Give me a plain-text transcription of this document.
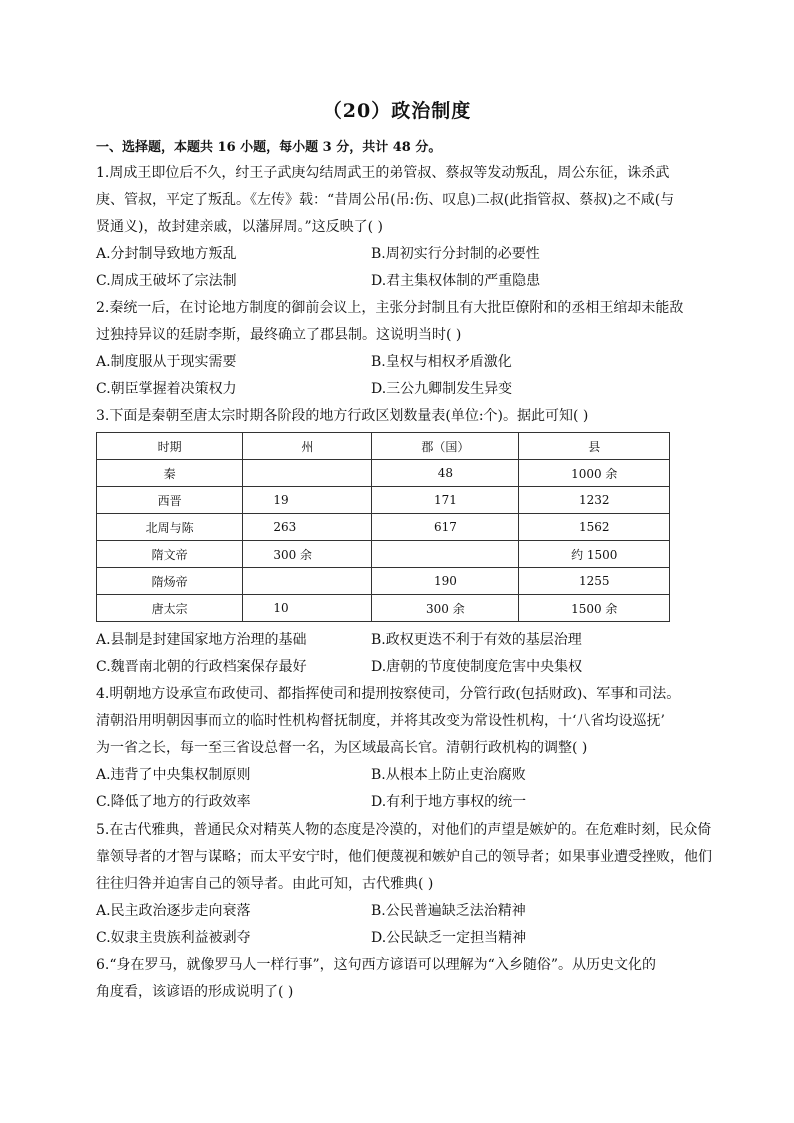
（20）政治制度
一、选择题，本题共 16 小题，每小题 3 分，共计 48 分。
1.周成王即位后不久，纣王子武庚勾结周武王的弟管叔、蔡叔等发动叛乱，周公东征，诛杀武
庚、管叔，平定了叛乱。《左传》载：“昔周公吊(吊:伤、叹息)二叔(此指管叔、蔡叔)之不咸(与
贤通义)，故封建亲戚，以藩屏周。”这反映了( )
A.分封制导致地方叛乱	B.周初实行分封制的必要性
C.周成王破坏了宗法制	D.君主集权体制的严重隐患
2.秦统一后，在讨论地方制度的御前会议上，主张分封制且有大批臣僚附和的丞相王绾却未能敌
过独持异议的廷尉李斯，最终确立了郡县制。这说明当时( )
A.制度服从于现实需要	B.皇权与相权矛盾激化
C.朝臣掌握着决策权力	D.三公九卿制发生异变
3.下面是秦朝至唐太宗时期各阶段的地方行政区划数量表(单位:个)。据此可知( )
时期	州	郡（国）	县
秦		48	1000 余
西晋	19	171	1232
北周与陈	263	617	1562
隋文帝	300 余		约 1500
隋炀帝		190	1255
唐太宗	10	300 余	1500 余
A.县制是封建国家地方治理的基础	B.政权更迭不利于有效的基层治理
C.魏晋南北朝的行政档案保存最好	D.唐朝的节度使制度危害中央集权
4.明朝地方设承宣布政使司、都指挥使司和提刑按察使司，分管行政(包括财政)、军事和司法。
清朝沿用明朝因事而立的临时性机构督抚制度，并将其改变为常设性机构，十‘八省均设巡抚’
为一省之长，每一至三省设总督一名，为区域最高长官。清朝行政机构的调整( )
A.违背了中央集权制原则	B.从根本上防止吏治腐败
C.降低了地方的行政效率	D.有利于地方事权的统一
5.在古代雅典，普通民众对精英人物的态度是冷漠的，对他们的声望是嫉妒的。在危难时刻，民众倚
靠领导者的才智与谋略；而太平安宁时，他们便蔑视和嫉妒自己的领导者；如果事业遭受挫败，他们
往往归咎并迫害自己的领导者。由此可知，古代雅典( )
A.民主政治逐步走向衰落	B.公民普遍缺乏法治精神
C.奴隶主贵族利益被剥夺	D.公民缺乏一定担当精神
6.“身在罗马，就像罗马人一样行事”，这句西方谚语可以理解为“入乡随俗”。从历史文化的
角度看，该谚语的形成说明了( )
